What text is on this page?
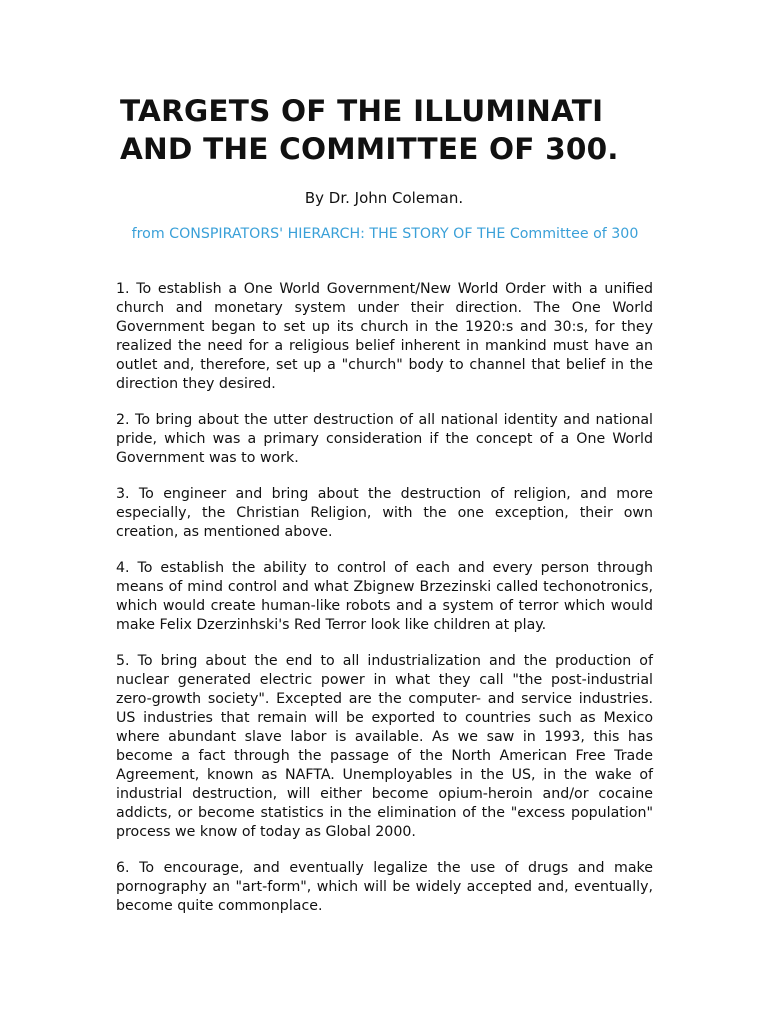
TARGETS OF THE ILLUMINATI
AND THE COMMITTEE OF 300.
By Dr. John Coleman.
from CONSPIRATORS' HIERARCH: THE STORY OF THE Committee of 300

1. To establish a One World Government/New World Order with a unified church and monetary system under their direction. The One World Government began to set up its church in the 1920:s and 30:s, for they realized the need for a religious belief inherent in mankind must have an outlet and, therefore, set up a "church" body to channel that belief in the direction they desired.

2. To bring about the utter destruction of all national identity and national pride, which was a primary consideration if the concept of a One World Government was to work.

3. To engineer and bring about the destruction of religion, and more especially, the Christian Religion, with the one exception, their own creation, as mentioned above.

4. To establish the ability to control of each and every person through means of mind control and what Zbignew Brzezinski called techonotronics, which would create human-like robots and a system of terror which would make Felix Dzerzinhski's Red Terror look like children at play.

5. To bring about the end to all industrialization and the production of nuclear generated electric power in what they call "the post-industrial zero-growth society". Excepted are the computer- and service industries. US industries that remain will be exported to countries such as Mexico where abundant slave labor is available. As we saw in 1993, this has become a fact through the passage of the North American Free Trade Agreement, known as NAFTA. Unemployables in the US, in the wake of industrial destruction, will either become opium-heroin and/or cocaine addicts, or become statistics in the elimination of the "excess population" process we know of today as Global 2000.

6. To encourage, and eventually legalize the use of drugs and make pornography an "art-form", which will be widely accepted and, eventually, become quite commonplace.
